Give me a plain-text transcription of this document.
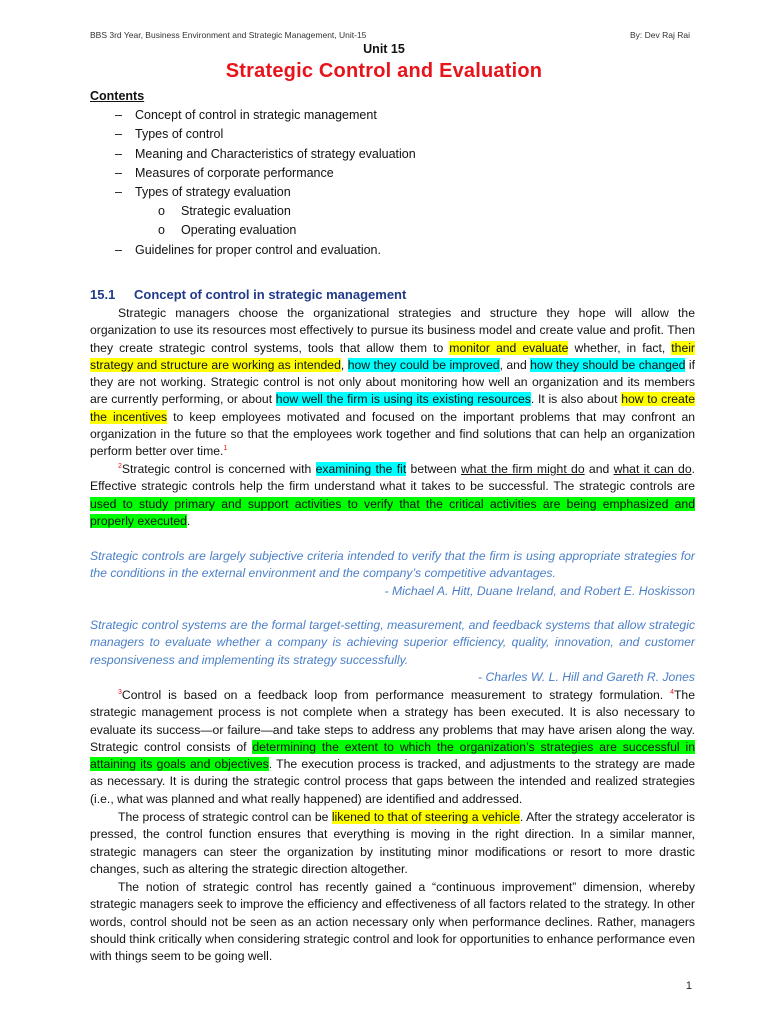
BBS 3rd Year, Business Environment and Strategic Management, Unit-15	By: Dev Raj Rai
Unit 15
Strategic Control and Evaluation
Contents
– Concept of control in strategic management
– Types of control
– Meaning and Characteristics of strategy evaluation
– Measures of corporate performance
– Types of strategy evaluation
o Strategic evaluation
o Operating evaluation
– Guidelines for proper control and evaluation.
15.1 Concept of control in strategic management
Strategic managers choose the organizational strategies and structure they hope will allow the organization to use its resources most effectively to pursue its business model and create value and profit. Then they create strategic control systems, tools that allow them to monitor and evaluate whether, in fact, their strategy and structure are working as intended, how they could be improved, and how they should be changed if they are not working. Strategic control is not only about monitoring how well an organization and its members are currently performing, or about how well the firm is using its existing resources. It is also about how to create the incentives to keep employees motivated and focused on the important problems that may confront an organization in the future so that the employees work together and find solutions that can help an organization perform better over time.$^1$
$^2$Strategic control is concerned with examining the fit between what the firm might do and what it can do. Effective strategic controls help the firm understand what it takes to be successful. The strategic controls are used to study primary and support activities to verify that the critical activities are being emphasized and properly executed.
Strategic controls are largely subjective criteria intended to verify that the firm is using appropriate strategies for the conditions in the external environment and the company’s competitive advantages.
- Michael A. Hitt, Duane Ireland, and Robert E. Hoskisson
Strategic control systems are the formal target-setting, measurement, and feedback systems that allow strategic managers to evaluate whether a company is achieving superior efficiency, quality, innovation, and customer responsiveness and implementing its strategy successfully.
- Charles W. L. Hill and Gareth R. Jones
$^3$Control is based on a feedback loop from performance measurement to strategy formulation. $^4$The strategic management process is not complete when a strategy has been executed. It is also necessary to evaluate its success—or failure—and take steps to address any problems that may have arisen along the way. Strategic control consists of determining the extent to which the organization’s strategies are successful in attaining its goals and objectives. The execution process is tracked, and adjustments to the strategy are made as necessary. It is during the strategic control process that gaps between the intended and realized strategies (i.e., what was planned and what really happened) are identified and addressed.
The process of strategic control can be likened to that of steering a vehicle. After the strategy accelerator is pressed, the control function ensures that everything is moving in the right direction. In a similar manner, strategic managers can steer the organization by instituting minor modifications or resort to more drastic changes, such as altering the strategic direction altogether.
The notion of strategic control has recently gained a “continuous improvement” dimension, whereby strategic managers seek to improve the efficiency and effectiveness of all factors related to the strategy. In other words, control should not be seen as an action necessary only when performance declines. Rather, managers should think critically when considering strategic control and look for opportunities to enhance performance even with things seem to be going well.
1
